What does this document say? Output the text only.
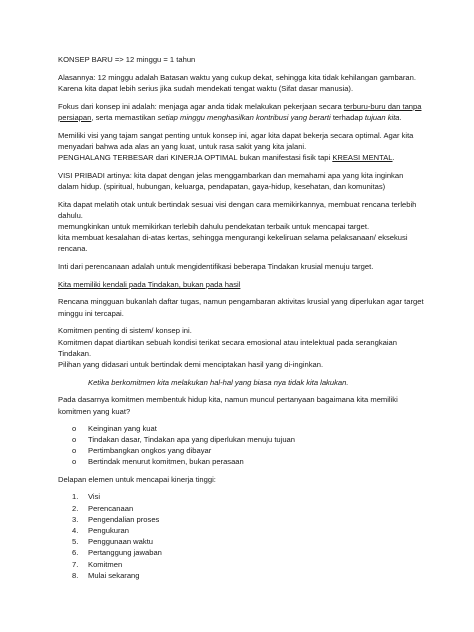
KONSEP BARU => 12 minggu = 1 tahun

Alasannya: 12 minggu adalah Batasan waktu yang cukup dekat, sehingga kita tidak kehilangan gambaran. Karena kita dapat lebih serius jika sudah mendekati tengat waktu (Sifat dasar manusia).

Fokus dari konsep ini adalah: menjaga agar anda tidak melakukan pekerjaan secara terburu-buru dan tanpa persiapan, serta memastikan setiap minggu menghasilkan kontribusi yang berarti terhadap tujuan kita.

Memiliki visi yang tajam sangat penting untuk konsep ini, agar kita dapat bekerja secara optimal. Agar kita menyadari bahwa ada alas an yang kuat, untuk rasa sakit yang kita jalani.

PENGHALANG TERBESAR dari KINERJA OPTIMAL bukan manifestasi fisik tapi KREASI MENTAL.

VISI PRIBADI artinya: kita dapat dengan jelas menggambarkan dan memahami apa yang kita inginkan dalam hidup. (spiritual, hubungan, keluarga, pendapatan, gaya-hidup, kesehatan, dan komunitas)

Kita dapat melatih otak untuk bertindak sesuai visi dengan cara memikirkannya, membuat rencana terlebih dahulu.

memungkinkan untuk memikirkan terlebih dahulu pendekatan terbaik untuk mencapai target.

kita membuat kesalahan di-atas kertas, sehingga mengurangi kekeliruan selama pelaksanaan/ eksekusi rencana.

Inti dari perencanaan adalah untuk mengidentifikasi beberapa Tindakan krusial menuju target.

Kita memiliki kendali pada Tindakan, bukan pada hasil

Rencana mingguan bukanlah daftar tugas, namun pengambaran aktivitas krusial yang diperlukan agar target minggu ini tercapai.

Komitmen penting di sistem/ konsep ini.

Komitmen dapat diartikan sebuah kondisi terikat secara emosional atau intelektual pada serangkaian Tindakan.

Pilihan yang didasari untuk bertindak demi menciptakan hasil yang di-inginkan.

Ketika berkomitmen kita melakukan hal-hal yang biasa nya tidak kita lakukan.

Pada dasarnya komitmen membentuk hidup kita, namun muncul pertanyaan bagaimana kita memiliki komitmen yang kuat?

o Keinginan yang kuat
o Tindakan dasar, Tindakan apa yang diperlukan menuju tujuan
o Pertimbangkan ongkos yang dibayar
o Bertindak menurut komitmen, bukan perasaan

Delapan elemen untuk mencapai kinerja tinggi:

1. Visi
2. Perencanaan
3. Pengendalian proses
4. Pengukuran
5. Penggunaan waktu
6. Pertanggung jawaban
7. Komitmen
8. Mulai sekarang
